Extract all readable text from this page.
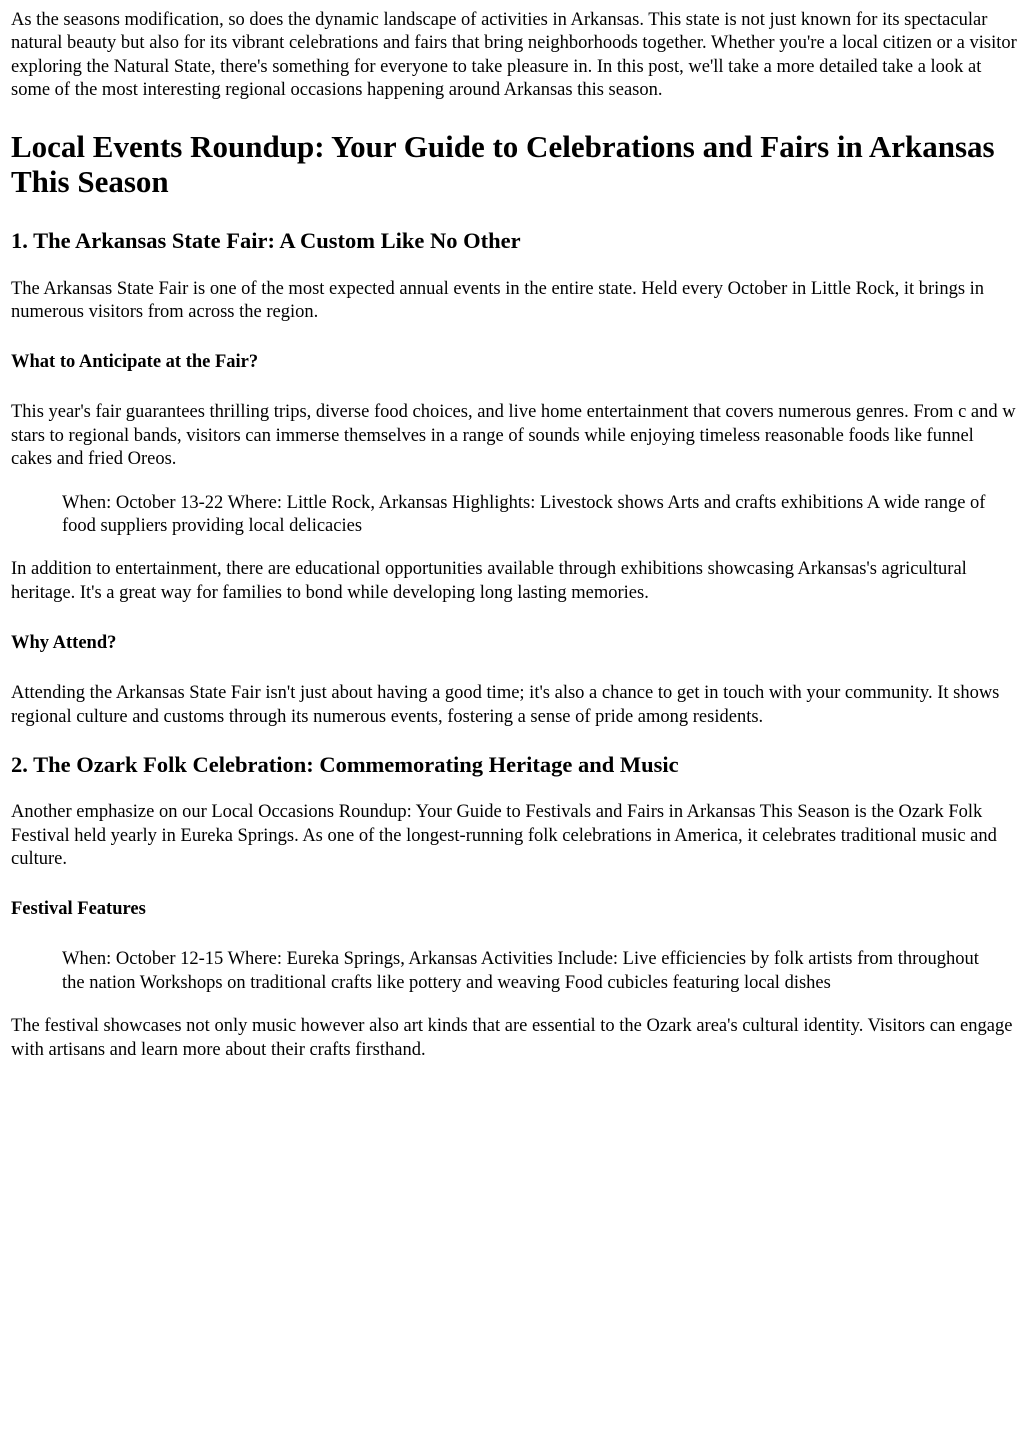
As the seasons modification, so does the dynamic landscape of activities in Arkansas. This state is not just known for its spectacular natural beauty but also for its vibrant celebrations and fairs that bring neighborhoods together. Whether you're a local citizen or a visitor exploring the Natural State, there's something for everyone to take pleasure in. In this post, we'll take a more detailed take a look at some of the most interesting regional occasions happening around Arkansas this season.

Local Events Roundup: Your Guide to Celebrations and Fairs in Arkansas This Season
1. The Arkansas State Fair: A Custom Like No Other

The Arkansas State Fair is one of the most expected annual events in the entire state. Held every October in Little Rock, it brings in numerous visitors from across the region.

What to Anticipate at the Fair?

This year's fair guarantees thrilling trips, diverse food choices, and live home entertainment that covers numerous genres. From c and w stars to regional bands, visitors can immerse themselves in a range of sounds while enjoying timeless reasonable foods like funnel cakes and fried Oreos.

When: October 13-22 Where: Little Rock, Arkansas Highlights: Livestock shows Arts and crafts exhibitions A wide range of food suppliers providing local delicacies

In addition to entertainment, there are educational opportunities available through exhibitions showcasing Arkansas's agricultural heritage. It's a great way for families to bond while developing long lasting memories.

Why Attend?

Attending the Arkansas State Fair isn't just about having a good time; it's also a chance to get in touch with your community. It shows regional culture and customs through its numerous events, fostering a sense of pride among residents.

2. The Ozark Folk Celebration: Commemorating Heritage and Music

Another emphasize on our Local Occasions Roundup: Your Guide to Festivals and Fairs in Arkansas This Season is the Ozark Folk Festival held yearly in Eureka Springs. As one of the longest-running folk celebrations in America, it celebrates traditional music and culture.

Festival Features
When: October 12-15 Where: Eureka Springs, Arkansas Activities Include: Live efficiencies by folk artists from throughout the nation Workshops on traditional crafts like pottery and weaving Food cubicles featuring local dishes

The festival showcases not only music however also art kinds that are essential to the Ozark area's cultural identity. Visitors can engage with artisans and learn more about their crafts firsthand.
